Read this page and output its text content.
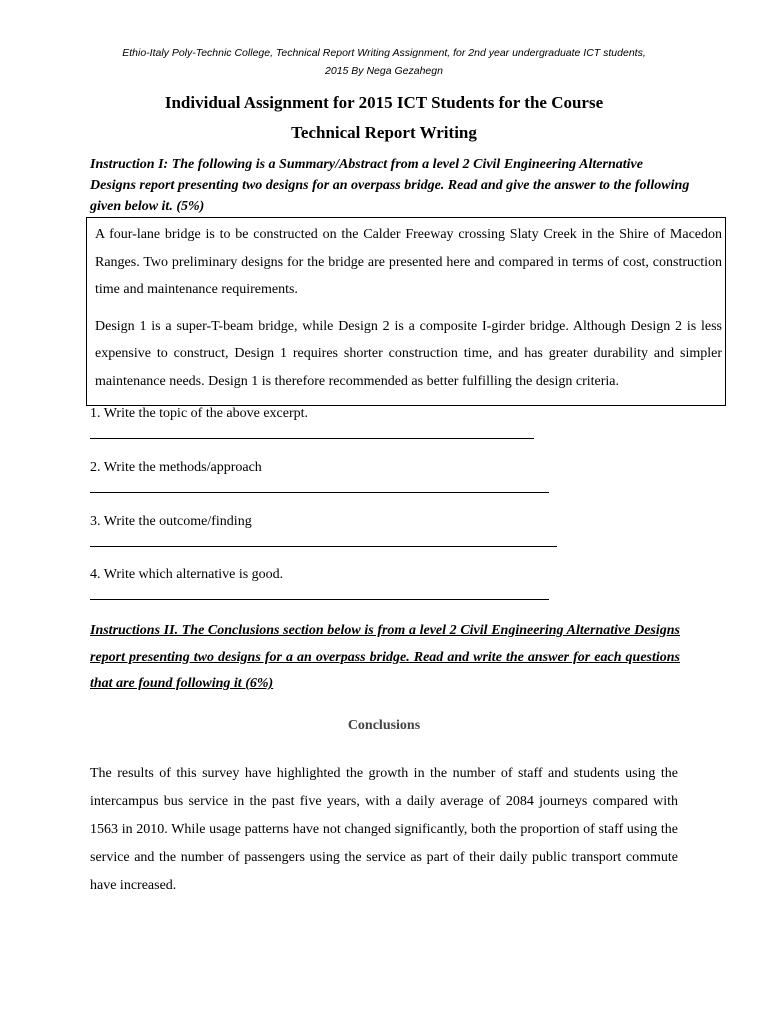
Ethio-Italy Poly-Technic College, Technical Report Writing Assignment, for 2nd year undergraduate ICT students,
2015 By Nega Gezahegn
Individual Assignment for 2015 ICT Students for the Course
Technical Report Writing
Instruction I: The following is a Summary/Abstract from a level 2 Civil Engineering Alternative Designs report presenting two designs for an overpass bridge. Read and give the answer to the following given below it. (5%)

A four-lane bridge is to be constructed on the Calder Freeway crossing Slaty Creek in the Shire of Macedon Ranges. Two preliminary designs for the bridge are presented here and compared in terms of cost, construction time and maintenance requirements.

Design 1 is a super-T-beam bridge, while Design 2 is a composite I-girder bridge. Although Design 2 is less expensive to construct, Design 1 requires shorter construction time, and has greater durability and simpler maintenance needs. Design 1 is therefore recommended as better fulfilling the design criteria.

1. Write the topic of the above excerpt.
2. Write the methods/approach
3. Write the outcome/finding
4. Write which alternative is good.
Instructions II. The Conclusions section below is from a level 2 Civil Engineering Alternative Designs report presenting two designs for a an overpass bridge. Read and write the answer for each questions that are found following it (6%)
Conclusions
The results of this survey have highlighted the growth in the number of staff and students using the intercampus bus service in the past five years, with a daily average of 2084 journeys compared with 1563 in 2010. While usage patterns have not changed significantly, both the proportion of staff using the service and the number of passengers using the service as part of their daily public transport commute have increased.
